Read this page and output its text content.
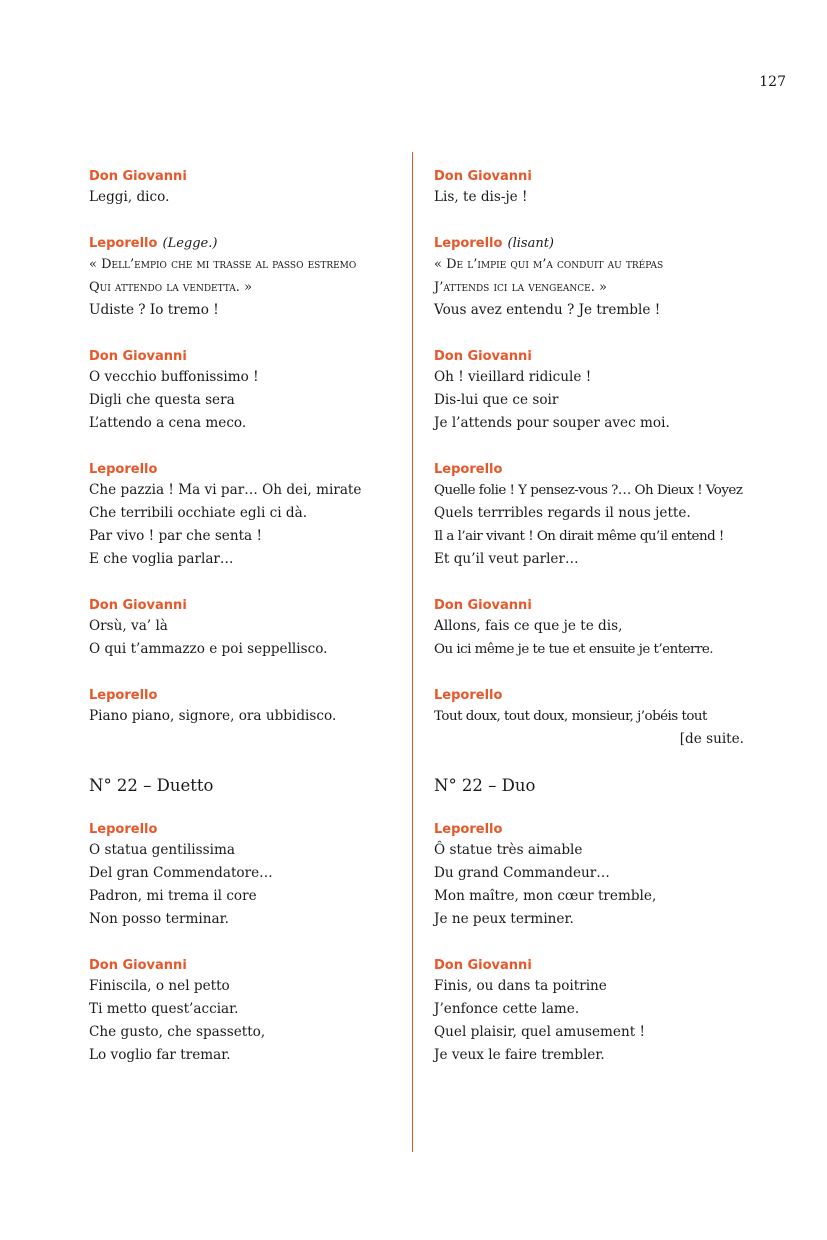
127
Don Giovanni
Leggi, dico.
Leporello (Legge.)
« Dell’empio che mi trasse al passo estremo
Qui attendo la vendetta. »
Udiste ? Io tremo !
Don Giovanni
O vecchio buffonissimo !
Digli che questa sera
L’attendo a cena meco.
Leporello
Che pazzia ! Ma vi par… Oh dei, mirate
Che terribili occhiate egli ci dà.
Par vivo ! par che senta !
E che voglia parlar…
Don Giovanni
Orsù, va’ là
O qui t’ammazzo e poi seppellisco.
Leporello
Piano piano, signore, ora ubbidisco.

N° 22 – Duetto
Leporello
O statua gentilissima
Del gran Commendatore…
Padron, mi trema il core
Non posso terminar.
Don Giovanni
Finiscila, o nel petto
Ti metto quest’acciar.
Che gusto, che spassetto,
Lo voglio far tremar.
Don Giovanni
Lis, te dis-je !
Leporello (lisant)
« De l’impie qui m’a conduit au trépas
J’attends ici la vengeance. »
Vous avez entendu ? Je tremble !
Don Giovanni
Oh ! vieillard ridicule !
Dis-lui que ce soir
Je l’attends pour souper avec moi.
Leporello
Quelle folie ! Y pensez-vous ?… Oh Dieux ! Voyez
Quels terrribles regards il nous jette.
Il a l’air vivant ! On dirait même qu’il entend !
Et qu’il veut parler…
Don Giovanni
Allons, fais ce que je te dis,
Ou ici même je te tue et ensuite je t’enterre.
Leporello
Tout doux, tout doux, monsieur, j’obéis tout
[de suite.
N° 22 – Duo
Leporello
Ô statue très aimable
Du grand Commandeur…
Mon maître, mon cœur tremble,
Je ne peux terminer.
Don Giovanni
Finis, ou dans ta poitrine
J’enfonce cette lame.
Quel plaisir, quel amusement !
Je veux le faire trembler.
